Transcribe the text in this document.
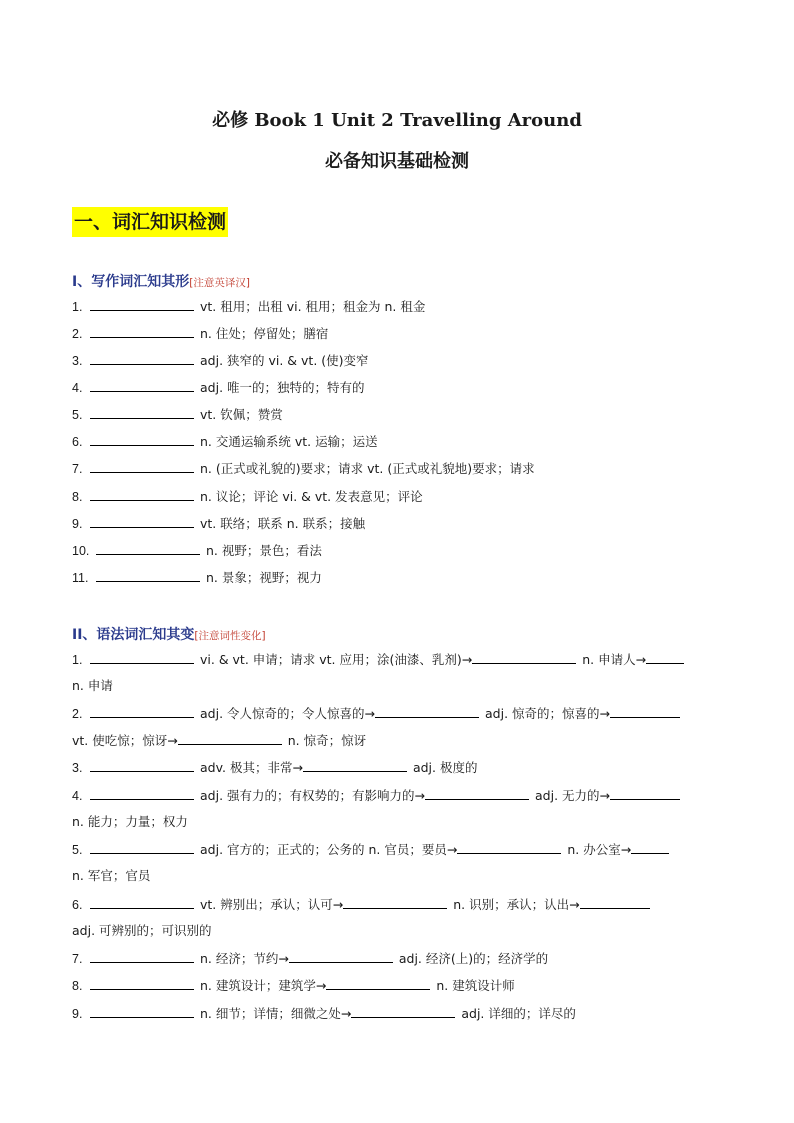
必修 Book 1 Unit 2 Travelling Around
必备知识基础检测
一、词汇知识检测
I、写作词汇知其形[注意英译汉]
1.	vt. 租用；出租 vi. 租用；租金为 n. 租金
2.	n. 住处；停留处；膳宿
3.	adj. 狭窄的 vi. & vt. (使)变窄
4.	adj. 唯一的；独特的；特有的
5.	vt. 钦佩；赞赏
6.	n. 交通运输系统 vt. 运输；运送
7.	n. (正式或礼貌的)要求；请求 vt. (正式或礼貌地)要求；请求
8.	n. 议论；评论 vi. & vt. 发表意见；评论
9.	vt. 联络；联系 n. 联系；接触
10.	n. 视野；景色；看法
11.	n. 景象；视野；视力
II、语法词汇知其变[注意词性变化]
1.	vi. & vt. 申请；请求 vt. 应用；涂(油漆、乳剂)→	n. 申请人→
n. 申请
2.	adj. 令人惊奇的；令人惊喜的→	adj. 惊奇的；惊喜的→
vt. 使吃惊；惊讶→	n. 惊奇；惊讶
3.	adv. 极其；非常→	adj. 极度的
4.	adj. 强有力的；有权势的；有影响力的→	adj. 无力的→
n. 能力；力量；权力
5.	adj. 官方的；正式的；公务的 n. 官员；要员→	n. 办公室→
n. 军官；官员
6.	vt. 辨别出；承认；认可→	n. 识别；承认；认出→
adj. 可辨别的；可识别的
7.	n. 经济；节约→	adj. 经济(上)的；经济学的
8.	n. 建筑设计；建筑学→	n. 建筑设计师
9.	n. 细节；详情；细微之处→	adj. 详细的；详尽的
